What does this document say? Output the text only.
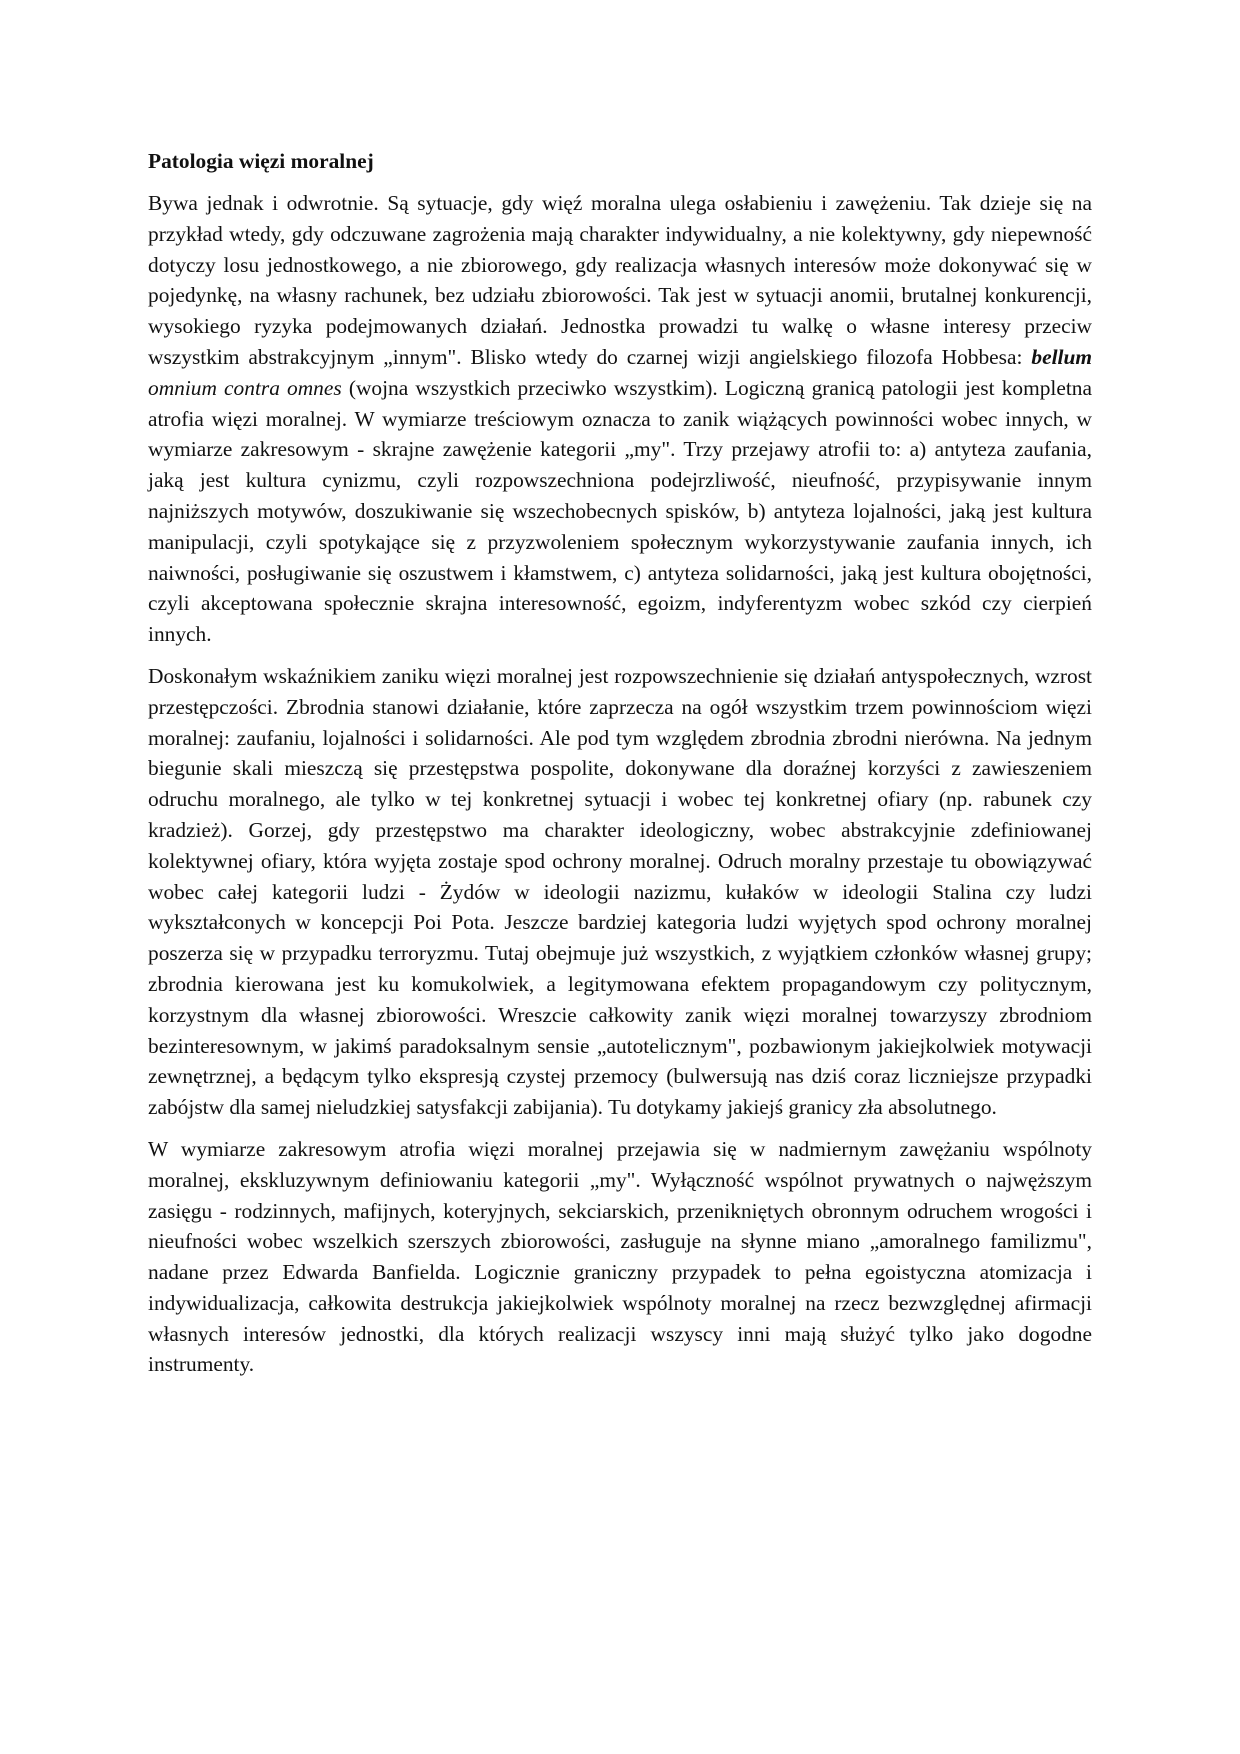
Patologia więzi moralnej

Bywa jednak i odwrotnie. Są sytuacje, gdy więź moralna ulega osłabieniu i zawężeniu. Tak dzieje się na przykład wtedy, gdy odczuwane zagrożenia mają charakter indywidualny, a nie kolektywny, gdy niepewność dotyczy losu jednostkowego, a nie zbiorowego, gdy realizacja własnych interesów może dokonywać się w pojedynkę, na własny rachunek, bez udziału zbiorowości. Tak jest w sytuacji anomii, brutalnej konkurencji, wysokiego ryzyka podejmowanych działań. Jednostka prowadzi tu walkę o własne interesy przeciw wszystkim abstrakcyjnym „innym". Blisko wtedy do czarnej wizji angielskiego filozofa Hobbesa: bellum omnium contra omnes (wojna wszystkich przeciwko wszystkim). Logiczną granicą patologii jest kompletna atrofia więzi moralnej. W wymiarze treściowym oznacza to zanik wiążących powinności wobec innych, w wymiarze zakresowym - skrajne zawężenie kategorii „my". Trzy przejawy atrofii to: a) antyteza zaufania, jaką jest kultura cynizmu, czyli rozpowszechniona podejrzliwość, nieufność, przypisywanie innym najniższych motywów, doszukiwanie się wszechobecnych spisków, b) antyteza lojalności, jaką jest kultura manipulacji, czyli spotykające się z przyzwoleniem społecznym wykorzystywanie zaufania innych, ich naiwności, posługiwanie się oszustwem i kłamstwem, c) antyteza solidarności, jaką jest kultura obojętności, czyli akceptowana społecznie skrajna interesowność, egoizm, indyferentyzm wobec szkód czy cierpień innych.

Doskonałym wskaźnikiem zaniku więzi moralnej jest rozpowszechnienie się działań antyspołecznych, wzrost przestępczości. Zbrodnia stanowi działanie, które zaprzecza na ogół wszystkim trzem powinnościom więzi moralnej: zaufaniu, lojalności i solidarności. Ale pod tym względem zbrodnia zbrodni nierówna. Na jednym biegunie skali mieszczą się przestępstwa pospolite, dokonywane dla doraźnej korzyści z zawieszeniem odruchu moralnego, ale tylko w tej konkretnej sytuacji i wobec tej konkretnej ofiary (np. rabunek czy kradzież). Gorzej, gdy przestępstwo ma charakter ideologiczny, wobec abstrakcyjnie zdefiniowanej kolektywnej ofiary, która wyjęta zostaje spod ochrony moralnej. Odruch moralny przestaje tu obowiązywać wobec całej kategorii ludzi - Żydów w ideologii nazizmu, kułaków w ideologii Stalina czy ludzi wykształconych w koncepcji Poi Pota. Jeszcze bardziej kategoria ludzi wyjętych spod ochrony moralnej poszerza się w przypadku terroryzmu. Tutaj obejmuje już wszystkich, z wyjątkiem członków własnej grupy; zbrodnia kierowana jest ku komukolwiek, a legitymowana efektem propagandowym czy politycznym, korzystnym dla własnej zbiorowości. Wreszcie całkowity zanik więzi moralnej towarzyszy zbrodniom bezinteresownym, w jakimś paradoksalnym sensie „autotelicznym", pozbawionym jakiejkolwiek motywacji zewnętrznej, a będącym tylko ekspresją czystej przemocy (bulwersują nas dziś coraz liczniejsze przypadki zabójstw dla samej nieludzkiej satysfakcji zabijania). Tu dotykamy jakiejś granicy zła absolutnego.

W wymiarze zakresowym atrofia więzi moralnej przejawia się w nadmiernym zawężaniu wspólnoty moralnej, ekskluzywnym definiowaniu kategorii „my". Wyłączność wspólnot prywatnych o najwęższym zasięgu - rodzinnych, mafijnych, koteryjnych, sekciarskich, przenikniętych obronnym odruchem wrogości i nieufności wobec wszelkich szerszych zbiorowości, zasługuje na słynne miano „amoralnego familizmu", nadane przez Edwarda Banfielda. Logicznie graniczny przypadek to pełna egoistyczna atomizacja i indywidualizacja, całkowita destrukcja jakiejkolwiek wspólnoty moralnej na rzecz bezwzględnej afirmacji własnych interesów jednostki, dla których realizacji wszyscy inni mają służyć tylko jako dogodne instrumenty.
